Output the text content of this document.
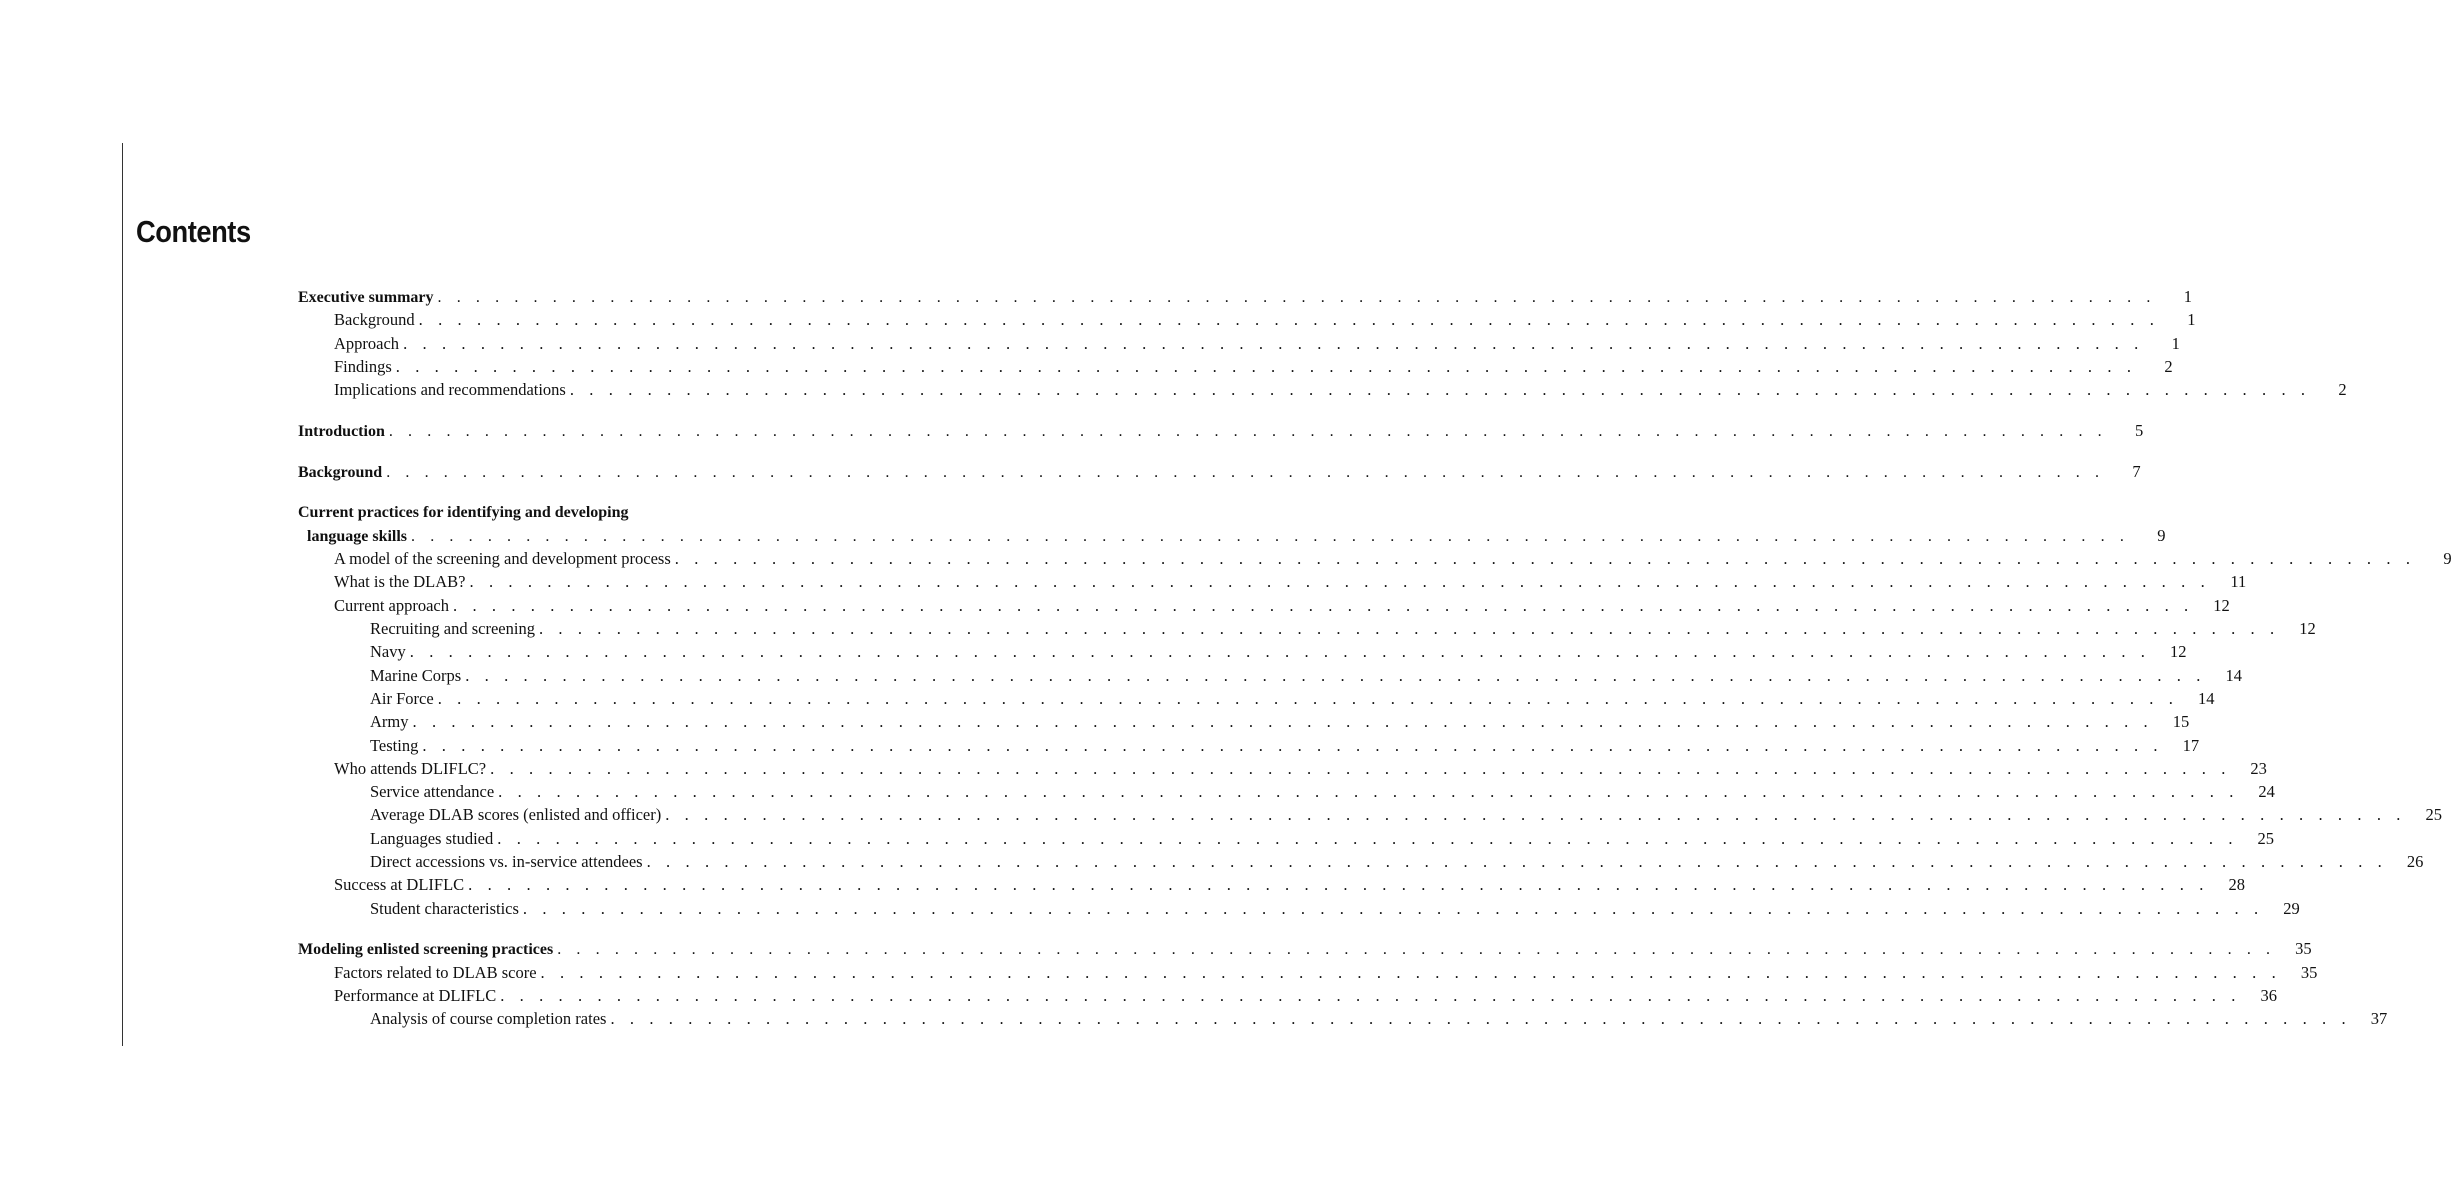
Contents
Executive summary . . . . . . . . . . . . . . . . . . . . . . . . . . . . . . . . . . . . . . . . . . . . . . . . . . . . . . . . . . . . . . . . . . . . . . . . . . . . . . . . . . . . . . . . . .	1
Background . . . . . . . . . . . . . . . . . . . . . . . . . . . . . . . . . . . . . . . . . . . . . . . . . . . . . . . . . . . . . . . . . . . . . . . . . . . . . . . . . . . . . . . . . .	1
Approach . . . . . . . . . . . . . . . . . . . . . . . . . . . . . . . . . . . . . . . . . . . . . . . . . . . . . . . . . . . . . . . . . . . . . . . . . . . . . . . . . . . . . . . . . .	1
Findings . . . . . . . . . . . . . . . . . . . . . . . . . . . . . . . . . . . . . . . . . . . . . . . . . . . . . . . . . . . . . . . . . . . . . . . . . . . . . . . . . . . . . . . . . .	2
Implications and recommendations . . . . . . . . . . . . . . . . . . . . . . . . . . . . . . . . . . . . . . . . . . . . . . . . . . . . . . . . . . . . . . . . . . . . . . . . . . . . . . . . . . . . . . . . . .	2
Introduction . . . . . . . . . . . . . . . . . . . . . . . . . . . . . . . . . . . . . . . . . . . . . . . . . . . . . . . . . . . . . . . . . . . . . . . . . . . . . . . . . . . . . . . . . .	5
Background . . . . . . . . . . . . . . . . . . . . . . . . . . . . . . . . . . . . . . . . . . . . . . . . . . . . . . . . . . . . . . . . . . . . . . . . . . . . . . . . . . . . . . . . . .	7
Current practices for identifying and developing
language skills . . . . . . . . . . . . . . . . . . . . . . . . . . . . . . . . . . . . . . . . . . . . . . . . . . . . . . . . . . . . . . . . . . . . . . . . . . . . . . . . . . . . . . . . . .	9
A model of the screening and development process . . . . . . . . . . . . . . . . . . . . . . . . . . . . . . . . . . . . . . . . . . . . . . . . . . . . . . . . . . . . . . . . . . . . . . . . . . . . . . . . . . . . . . . . . .	9
What is the DLAB? . . . . . . . . . . . . . . . . . . . . . . . . . . . . . . . . . . . . . . . . . . . . . . . . . . . . . . . . . . . . . . . . . . . . . . . . . . . . . . . . . . . . . . . . . .	11
Current approach . . . . . . . . . . . . . . . . . . . . . . . . . . . . . . . . . . . . . . . . . . . . . . . . . . . . . . . . . . . . . . . . . . . . . . . . . . . . . . . . . . . . . . . . . .	12
Recruiting and screening . . . . . . . . . . . . . . . . . . . . . . . . . . . . . . . . . . . . . . . . . . . . . . . . . . . . . . . . . . . . . . . . . . . . . . . . . . . . . . . . . . . . . . . . . .	12
Navy . . . . . . . . . . . . . . . . . . . . . . . . . . . . . . . . . . . . . . . . . . . . . . . . . . . . . . . . . . . . . . . . . . . . . . . . . . . . . . . . . . . . . . . . . .	12
Marine Corps . . . . . . . . . . . . . . . . . . . . . . . . . . . . . . . . . . . . . . . . . . . . . . . . . . . . . . . . . . . . . . . . . . . . . . . . . . . . . . . . . . . . . . . . . .	14
Air Force . . . . . . . . . . . . . . . . . . . . . . . . . . . . . . . . . . . . . . . . . . . . . . . . . . . . . . . . . . . . . . . . . . . . . . . . . . . . . . . . . . . . . . . . . .	14
Army . . . . . . . . . . . . . . . . . . . . . . . . . . . . . . . . . . . . . . . . . . . . . . . . . . . . . . . . . . . . . . . . . . . . . . . . . . . . . . . . . . . . . . . . . .	15
Testing . . . . . . . . . . . . . . . . . . . . . . . . . . . . . . . . . . . . . . . . . . . . . . . . . . . . . . . . . . . . . . . . . . . . . . . . . . . . . . . . . . . . . . . . . .	17
Who attends DLIFLC? . . . . . . . . . . . . . . . . . . . . . . . . . . . . . . . . . . . . . . . . . . . . . . . . . . . . . . . . . . . . . . . . . . . . . . . . . . . . . . . . . . . . . . . . . .	23
Service attendance . . . . . . . . . . . . . . . . . . . . . . . . . . . . . . . . . . . . . . . . . . . . . . . . . . . . . . . . . . . . . . . . . . . . . . . . . . . . . . . . . . . . . . . . . .	24
Average DLAB scores (enlisted and officer) . . . . . . . . . . . . . . . . . . . . . . . . . . . . . . . . . . . . . . . . . . . . . . . . . . . . . . . . . . . . . . . . . . . . . . . . . . . . . . . . . . . . . . . . . .	25
Languages studied . . . . . . . . . . . . . . . . . . . . . . . . . . . . . . . . . . . . . . . . . . . . . . . . . . . . . . . . . . . . . . . . . . . . . . . . . . . . . . . . . . . . . . . . . .	25
Direct accessions vs. in-service attendees . . . . . . . . . . . . . . . . . . . . . . . . . . . . . . . . . . . . . . . . . . . . . . . . . . . . . . . . . . . . . . . . . . . . . . . . . . . . . . . . . . . . . . . . . .	26
Success at DLIFLC . . . . . . . . . . . . . . . . . . . . . . . . . . . . . . . . . . . . . . . . . . . . . . . . . . . . . . . . . . . . . . . . . . . . . . . . . . . . . . . . . . . . . . . . . .	28
Student characteristics . . . . . . . . . . . . . . . . . . . . . . . . . . . . . . . . . . . . . . . . . . . . . . . . . . . . . . . . . . . . . . . . . . . . . . . . . . . . . . . . . . . . . . . . . .	29
Modeling enlisted screening practices . . . . . . . . . . . . . . . . . . . . . . . . . . . . . . . . . . . . . . . . . . . . . . . . . . . . . . . . . . . . . . . . . . . . . . . . . . . . . . . . . . . . . . . . . .	35
Factors related to DLAB score . . . . . . . . . . . . . . . . . . . . . . . . . . . . . . . . . . . . . . . . . . . . . . . . . . . . . . . . . . . . . . . . . . . . . . . . . . . . . . . . . . . . . . . . . .	35
Performance at DLIFLC . . . . . . . . . . . . . . . . . . . . . . . . . . . . . . . . . . . . . . . . . . . . . . . . . . . . . . . . . . . . . . . . . . . . . . . . . . . . . . . . . . . . . . . . . .	36
Analysis of course completion rates . . . . . . . . . . . . . . . . . . . . . . . . . . . . . . . . . . . . . . . . . . . . . . . . . . . . . . . . . . . . . . . . . . . . . . . . . . . . . . . . . . . . . . . . . .	37
